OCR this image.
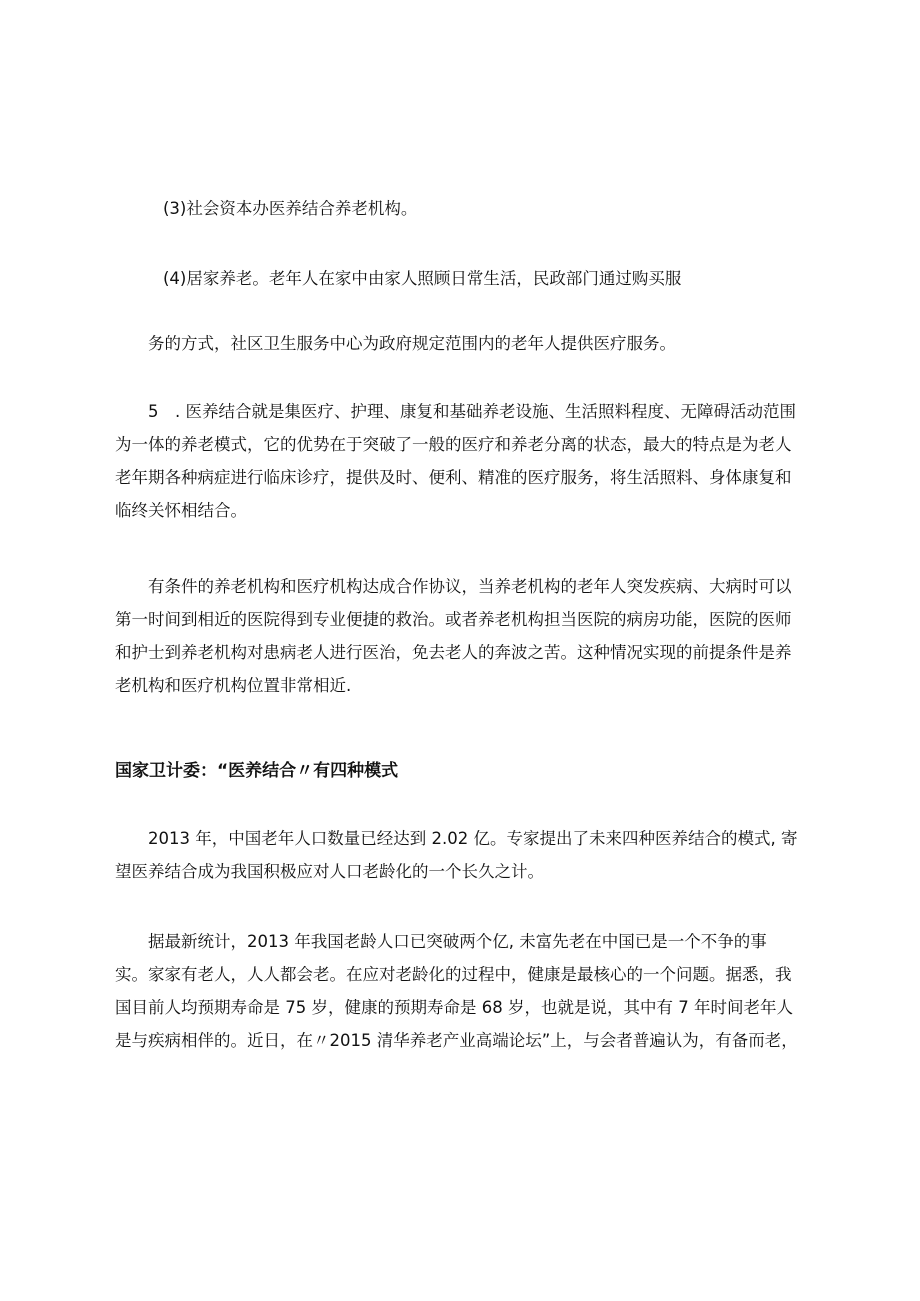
(3)社会资本办医养结合养老机构。

(4)居家养老。老年人在家中由家人照顾日常生活，民政部门通过购买服

务的方式，社区卫生服务中心为政府规定范围内的老年人提供医疗服务。

5　. 医养结合就是集医疗、护理、康复和基础养老设施、生活照料程度、无障碍活动范围
为一体的养老模式，它的优势在于突破了一般的医疗和养老分离的状态，最大的特点是为老人
老年期各种病症进行临床诊疗，提供及时、便利、精准的医疗服务，将生活照料、身体康复和
临终关怀相结合。
有条件的养老机构和医疗机构达成合作协议，当养老机构的老年人突发疾病、大病时可以
第一时间到相近的医院得到专业便捷的救治。或者养老机构担当医院的病房功能，医院的医师
和护士到养老机构对患病老人进行医治，免去老人的奔波之苦。这种情况实现的前提条件是养
老机构和医疗机构位置非常相近.
国家卫计委：“医养结合〃有四种模式
2013 年，中国老年人口数量已经达到 2.02 亿。专家提出了未来四种医养结合的模式, 寄
望医养结合成为我国积极应对人口老龄化的一个长久之计。
据最新统计，2013 年我国老龄人口已突破两个亿, 未富先老在中国已是一个不争的事
实。家家有老人，人人都会老。在应对老龄化的过程中，健康是最核心的一个问题。据悉，我
国目前人均预期寿命是 75 岁，健康的预期寿命是 68 岁，也就是说，其中有 7 年时间老年人
是与疾病相伴的。近日，在〃2015 清华养老产业高端论坛”上，与会者普遍认为，有备而老，
